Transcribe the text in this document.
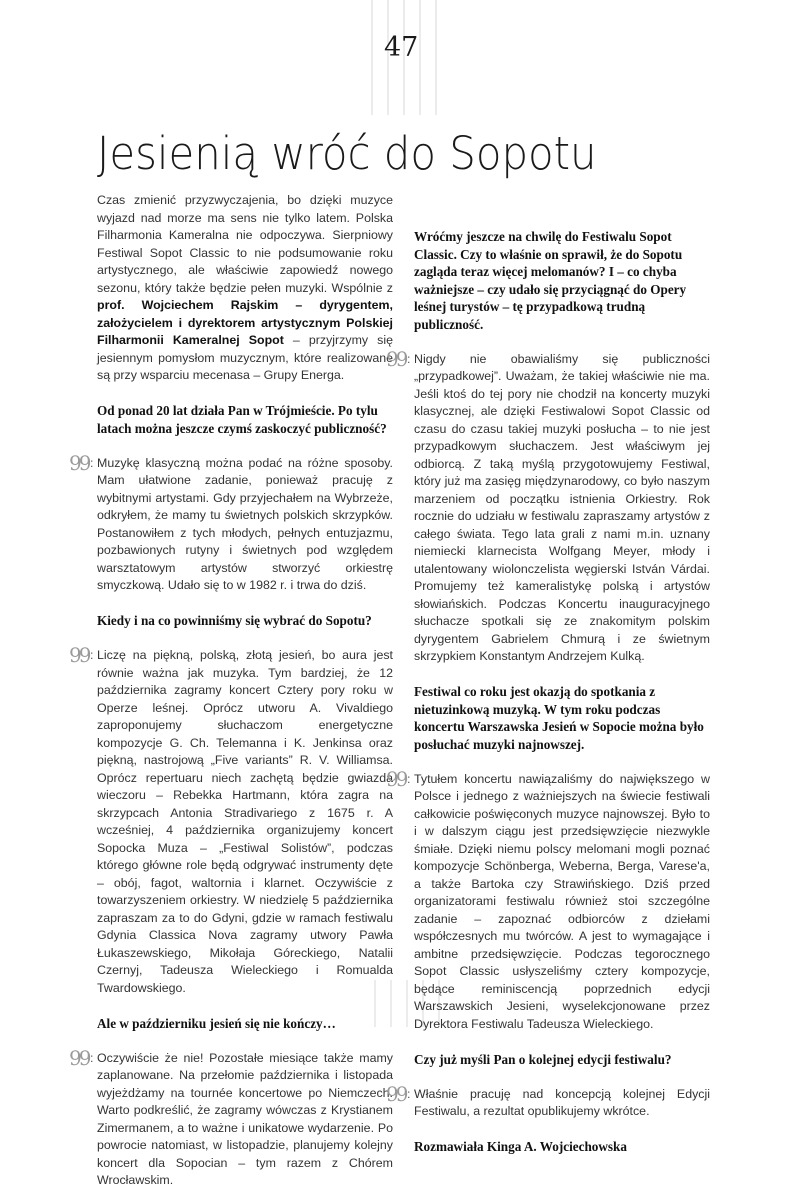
47
Jesienią wróć do Sopotu

Czas zmienić przyzwyczajenia, bo dzięki muzyce wyjazd nad morze ma sens nie tylko latem. Polska Filharmonia Kameralna nie odpoczywa. Sierpniowy Festiwal Sopot Classic to nie podsumowanie roku artystycznego, ale właściwie zapowiedź nowego sezonu, który także będzie pełen muzyki. Wspólnie z prof. Wojciechem Rajskim – dyrygentem, założycielem i dyrektorem artystycznym Polskiej Filharmonii Kameralnej Sopot – przyjrzymy się jesiennym pomysłom muzycznym, które realizowane są przy wsparciu mecenasa – Grupy Energa.

Od ponad 20 lat działa Pan w Trójmieście. Po tylu latach można jeszcze czymś zaskoczyć publiczność?

99 : Muzykę klasyczną można podać na różne sposoby. Mam ułatwione zadanie, ponieważ pracuję z wybitnymi artystami. Gdy przyjechałem na Wybrzeże, odkryłem, że mamy tu świetnych polskich skrzypków. Postanowiłem z tych młodych, pełnych entuzjazmu, pozbawionych rutyny i świetnych pod względem warsztatowym artystów stworzyć orkiestrę smyczkową. Udało się to w 1982 r. i trwa do dziś.

Kiedy i na co powinniśmy się wybrać do Sopotu?

99 : Liczę na piękną, polską, złotą jesień, bo aura jest równie ważna jak muzyka. Tym bardziej, że 12 października zagramy koncert Cztery pory roku w Operze leśnej. Oprócz utworu A. Vivaldiego zaproponujemy słuchaczom energetyczne kompozycje G. Ch. Telemanna i K. Jenkinsa oraz piękną, nastrojową „Five variants” R. V. Williamsa. Oprócz repertuaru niech zachętą będzie gwiazda wieczoru – Rebekka Hartmann, która zagra na skrzypcach Antonia Stradivariego z 1675 r. A wcześniej, 4 października organizujemy koncert Sopocka Muza – „Festiwal Solistów”, podczas którego główne role będą odgrywać instrumenty dęte – obój, fagot, waltornia i klarnet. Oczywiście z towarzyszeniem orkiestry. W niedzielę 5 października zapraszam za to do Gdyni, gdzie w ramach festiwalu Gdynia Classica Nova zagramy utwory Pawła Łukaszewskiego, Mikołaja Góreckiego, Natalii Czernyj, Tadeusza Wieleckiego i Romualda Twardowskiego.

Ale w październiku jesień się nie kończy…

99 : Oczywiście że nie! Pozostałe miesiące także mamy zaplanowane. Na przełomie października i listopada wyjeżdżamy na tournée koncertowe po Niemczech. Warto podkreślić, że zagramy wówczas z Krystianem Zimermanem, a to ważne i unikatowe wydarzenie. Po powrocie natomiast, w listopadzie, planujemy kolejny koncert dla Sopocian – tym razem z Chórem Wrocławskim.

Wróćmy jeszcze na chwilę do Festiwalu Sopot Classic. Czy to właśnie on sprawił, że do Sopotu zagląda teraz więcej melomanów? I – co chyba ważniejsze – czy udało się przyciągnąć do Opery leśnej turystów – tę przypadkową trudną publiczność.

99 : Nigdy nie obawialiśmy się publiczności „przypadkowej”. Uważam, że takiej właściwie nie ma. Jeśli ktoś do tej pory nie chodził na koncerty muzyki klasycznej, ale dzięki Festiwalowi Sopot Classic od czasu do czasu takiej muzyki posłucha – to nie jest przypadkowym słuchaczem. Jest właściwym jej odbiorcą. Z taką myślą przygotowujemy Festiwal, który już ma zasięg międzynarodowy, co było naszym marzeniem od początku istnienia Orkiestry. Rok rocznie do udziału w festiwalu zapraszamy artystów z całego świata. Tego lata grali z nami m.in. uznany niemiecki klarnecista Wolfgang Meyer, młody i utalentowany wiolonczelista węgierski István Várdai. Promujemy też kameralistykę polską i artystów słowiańskich. Podczas Koncertu inauguracyjnego słuchacze spotkali się ze znakomitym polskim dyrygentem Gabrielem Chmurą i ze świetnym skrzypkiem Konstantym Andrzejem Kulką.

Festiwal co roku jest okazją do spotkania z nietuzinkową muzyką. W tym roku podczas koncertu Warszawska Jesień w Sopocie można było posłuchać muzyki najnowszej.

99 : Tytułem koncertu nawiązaliśmy do największego w Polsce i jednego z ważniejszych na świecie festiwali całkowicie poświęconych muzyce najnowszej. Było to i w dalszym ciągu jest przedsięwzięcie niezwykle śmiałe. Dzięki niemu polscy melomani mogli poznać kompozycje Schönberga, Weberna, Berga, Varese'a, a także Bartoka czy Strawińskiego. Dziś przed organizatorami festiwalu również stoi szczególne zadanie – zapoznać odbiorców z dziełami współczesnych mu twórców. A jest to wymagające i ambitne przedsięwzięcie. Podczas tegorocznego Sopot Classic usłyszeliśmy cztery kompozycje, będące reminiscencją poprzednich edycji Warszawskich Jesieni, wyselekcjonowane przez Dyrektora Festiwalu Tadeusza Wieleckiego.

Czy już myśli Pan o kolejnej edycji festiwalu?

99 : Właśnie pracuję nad koncepcją kolejnej Edycji Festiwalu, a rezultat opublikujemy wkrótce.

Rozmawiała Kinga A. Wojciechowska
